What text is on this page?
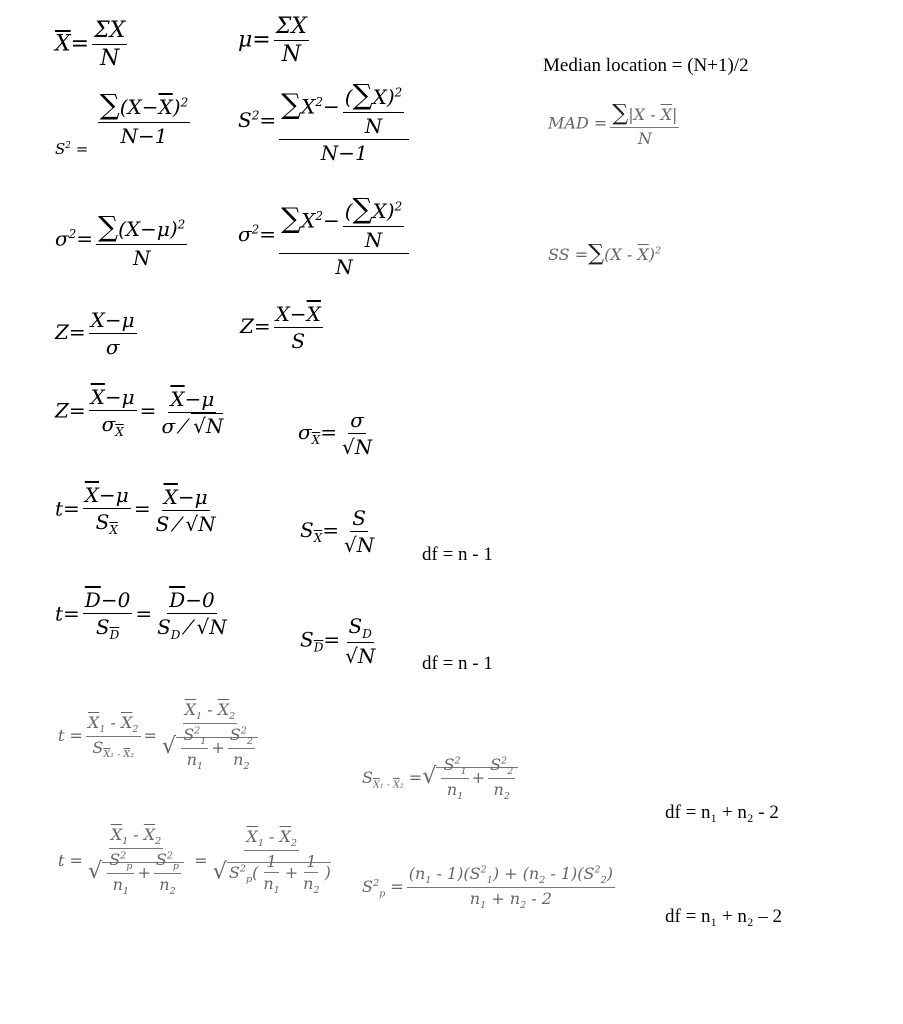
$\overline{X}= \frac{\Sigma X}{N}$	$\mu= \frac{\Sigma X}{N}$	Median location = (N+1)/2
$_{S^2 =}$
$\frac{\sum(X-\overline{X})^2}{N-1} S^2= \frac{\sum X^2- \frac{(\sum X)^2}{N}}{N-1}$	MAD = $\frac{\sum|X - \overline{X}|}{N}$
$\sigma^2= \frac{\sum(X-\mu)^2}{N}$	$\sigma^2= \frac{\sum X^2- \frac{(\sum X)^2}{N}}{N}$	SS $=\sum(X - \overline{X})^2$
$Z= \frac{X-\mu}{\sigma}$	$Z= \frac{X-\overline{X}}{S}$
$Z= \frac{\overline{X}-\mu}{\sigma_{\overline{X}}} = \frac{\overline{X}-\mu}{\sigma ⁄ √N}$	$\sigma_{\overline{X}}= \frac{\sigma}{√N}$
$t= \frac{\overline{X}-\mu}{S_{\overline{X}}} = \frac{\overline{X}-\mu}{S ⁄ √N}$	$S_{\overline{X}}= \frac{S}{√N}$ df = n - 1
$t= \frac{\overline{D}-0}{S_{\overline{D}}} = \frac{\overline{D}-0}{S_D ⁄ √N}$	$S_{\overline{D}}= \frac{S_D}{√N}$ df = n - 1
$t = \frac{\overline{X}_1 - \overline{X}_2}{S_{\overline{X}_1 - \overline{X}_2}} = \frac{\overline{X}_1 - \overline{X}_2}{√ \frac{S^2_1}{n_1} + \frac{S^2_2}{n_2}}$
$S_{\overline{X}_1 - \overline{X}_2}$ =√ $\frac{S^2_1}{n_1} + \frac{S^2_2}{n_2}$
df = n₁ + n₂ - 2
$t = \frac{\overline{X}_1 - \overline{X}_2}{√ \frac{S^2_p}{n_1} + \frac{S^2_p}{n_2}} = \frac{\overline{X}_1 - \overline{X}_2}{√ S^2_p( \frac{1}{n_1} + \frac{1}{n_2} )} S^2_p = \frac{(n_1 - 1)(S^2_1) + (n_2 - 1)(S^2_2)}{n_1 + n_2 - 2}$
df = n₁ + n₂ – 2
